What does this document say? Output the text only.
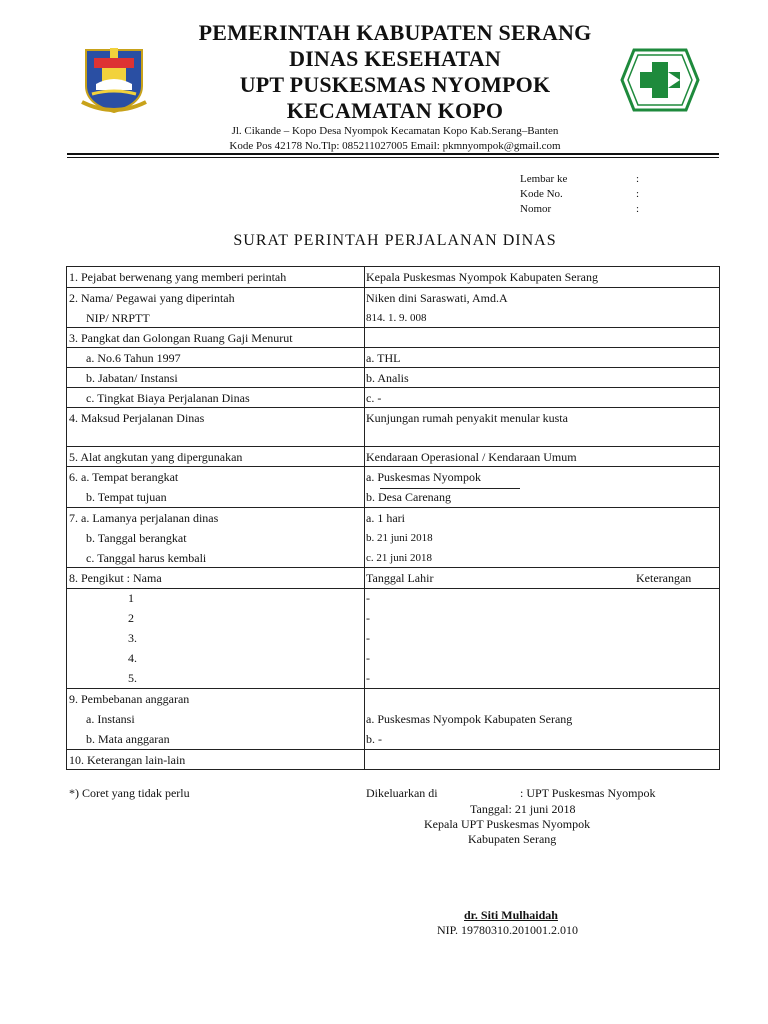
PEMERINTAH KABUPATEN SERANG
DINAS KESEHATAN
UPT PUSKESMAS NYOMPOK
KECAMATAN KOPO
Jl. Cikande – Kopo Desa Nyompok Kecamatan Kopo Kab.Serang–Banten
Kode Pos 42178 No.Tlp: 085211027005 Email: pkmnyompok@gmail.com
Lembar ke	:
Kode No.	:
Nomor	:
SURAT PERINTAH PERJALANAN DINAS
1. Pejabat berwenang yang memberi perintah	Kepala Puskesmas Nyompok Kabupaten Serang
2. Nama/ Pegawai yang diperintah	Niken dini Saraswati, Amd.A
NIP/ NRPTT	814. 1. 9. 008
3. Pangkat dan Golongan Ruang Gaji Menurut
a. No.6 Tahun 1997	a. THL
b. Jabatan/ Instansi	b. Analis
c. Tingkat Biaya Perjalanan Dinas	c. -
4. Maksud Perjalanan Dinas	Kunjungan rumah penyakit menular kusta
5. Alat angkutan yang dipergunakan	Kendaraan Operasional / Kendaraan Umum
6. a. Tempat berangkat	a. Puskesmas Nyompok
b. Tempat tujuan	b. Desa Carenang
7. a. Lamanya perjalanan dinas	a. 1 hari
b. Tanggal berangkat	b. 21 juni 2018
c. Tanggal harus kembali	c. 21 juni 2018
8. Pengikut : Nama	Tanggal Lahir	Keterangan
1	-
2	-
3.	-
4.	-
5.	-
9. Pembebanan anggaran
a. Instansi	a. Puskesmas Nyompok Kabupaten Serang
b. Mata anggaran	b. -
10. Keterangan lain-lain
*) Coret yang tidak perlu	Dikeluarkan di	: UPT Puskesmas Nyompok
Tanggal: 21 juni 2018
Kepala UPT Puskesmas Nyompok
Kabupaten Serang
dr. Siti Mulhaidah
NIP. 19780310.201001.2.010
